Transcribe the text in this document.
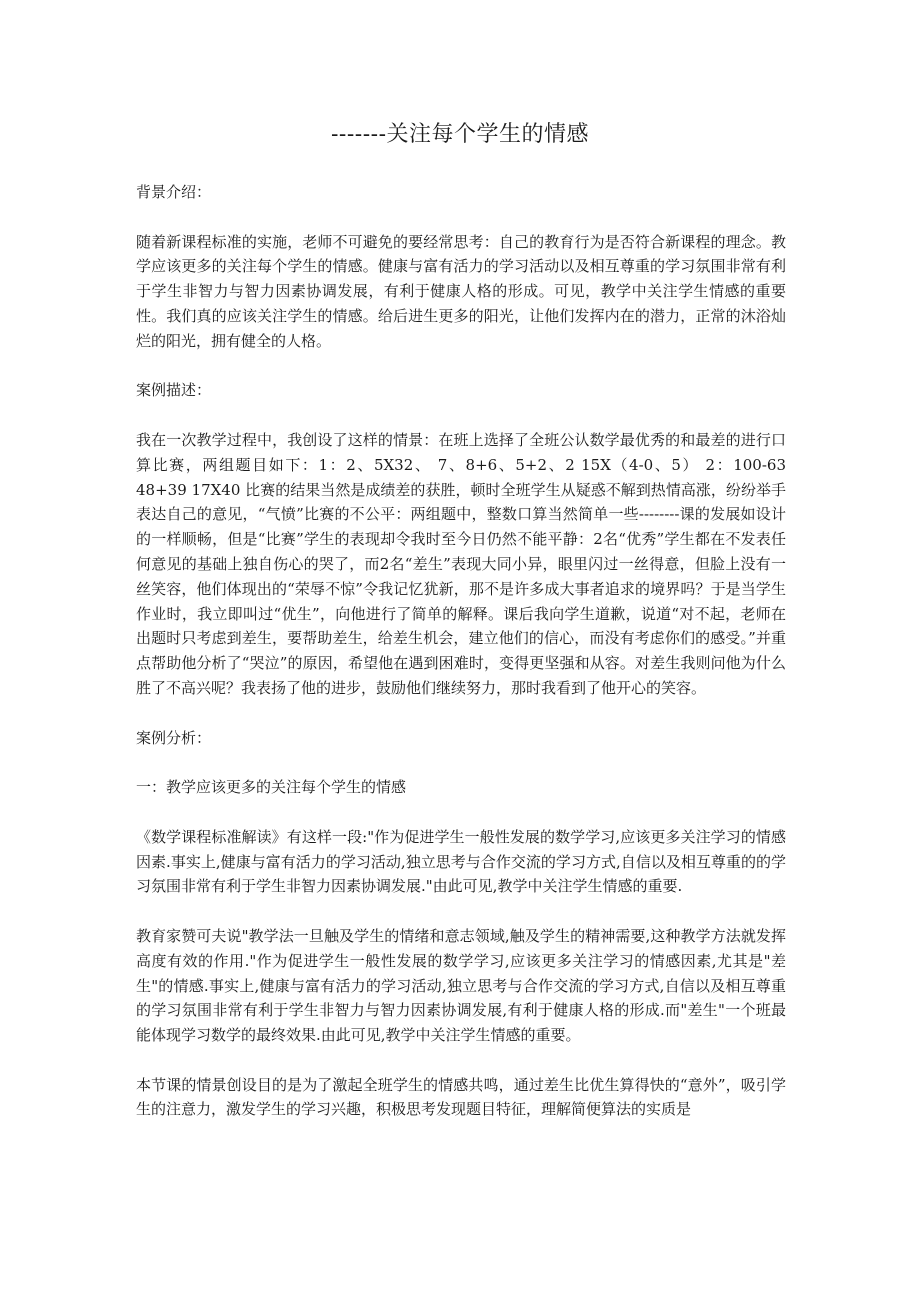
-------关注每个学生的情感

背景介绍：

随着新课程标准的实施，老师不可避免的要经常思考：自己的教育行为是否符合新课程的理念。教学应该更多的关注每个学生的情感。健康与富有活力的学习活动以及相互尊重的学习氛围非常有利于学生非智力与智力因素协调发展，有利于健康人格的形成。可见，教学中关注学生情感的重要性。我们真的应该关注学生的情感。给后进生更多的阳光，让他们发挥内在的潜力，正常的沐浴灿烂的阳光，拥有健全的人格。

案例描述：

我在一次教学过程中，我创设了这样的情景：在班上选择了全班公认数学最优秀的和最差的进行口算比赛，两组题目如下：1：2、5X32、 7、8+6、5+2、2 15X（4-0、5） 2：100-63 48+39 17X40 比赛的结果当然是成绩差的获胜，顿时全班学生从疑惑不解到热情高涨，纷纷举手表达自己的意见，“气愤”比赛的不公平：两组题中，整数口算当然简单一些--------课的发展如设计的一样顺畅，但是“比赛”学生的表现却令我时至今日仍然不能平静：2名“优秀”学生都在不发表任何意见的基础上独自伤心的哭了，而2名“差生”表现大同小异，眼里闪过一丝得意，但脸上没有一丝笑容，他们体现出的“荣辱不惊”令我记忆犹新，那不是许多成大事者追求的境界吗？于是当学生作业时，我立即叫过“优生”，向他进行了简单的解释。课后我向学生道歉，说道“对不起，老师在出题时只考虑到差生，要帮助差生，给差生机会，建立他们的信心，而没有考虑你们的感受。”并重点帮助他分析了“哭泣”的原因，希望他在遇到困难时，变得更坚强和从容。对差生我则问他为什么胜了不高兴呢？我表扬了他的进步，鼓励他们继续努力，那时我看到了他开心的笑容。

案例分析：

一：教学应该更多的关注每个学生的情感

《数学课程标准解读》有这样一段:"作为促进学生一般性发展的数学学习,应该更多关注学习的情感因素.事实上,健康与富有活力的学习活动,独立思考与合作交流的学习方式,自信以及相互尊重的的学习氛围非常有利于学生非智力因素协调发展."由此可见,教学中关注学生情感的重要.

教育家赞可夫说"教学法一旦触及学生的情绪和意志领域,触及学生的精神需要,这种教学方法就发挥高度有效的作用."作为促进学生一般性发展的数学学习,应该更多关注学习的情感因素,尤其是"差生"的情感.事实上,健康与富有活力的学习活动,独立思考与合作交流的学习方式,自信以及相互尊重的学习氛围非常有利于学生非智力与智力因素协调发展,有利于健康人格的形成.而"差生"一个班最能体现学习数学的最终效果.由此可见,教学中关注学生情感的重要。

本节课的情景创设目的是为了激起全班学生的情感共鸣，通过差生比优生算得快的“意外”，吸引学生的注意力，激发学生的学习兴趣，积极思考发现题目特征，理解简便算法的实质是
